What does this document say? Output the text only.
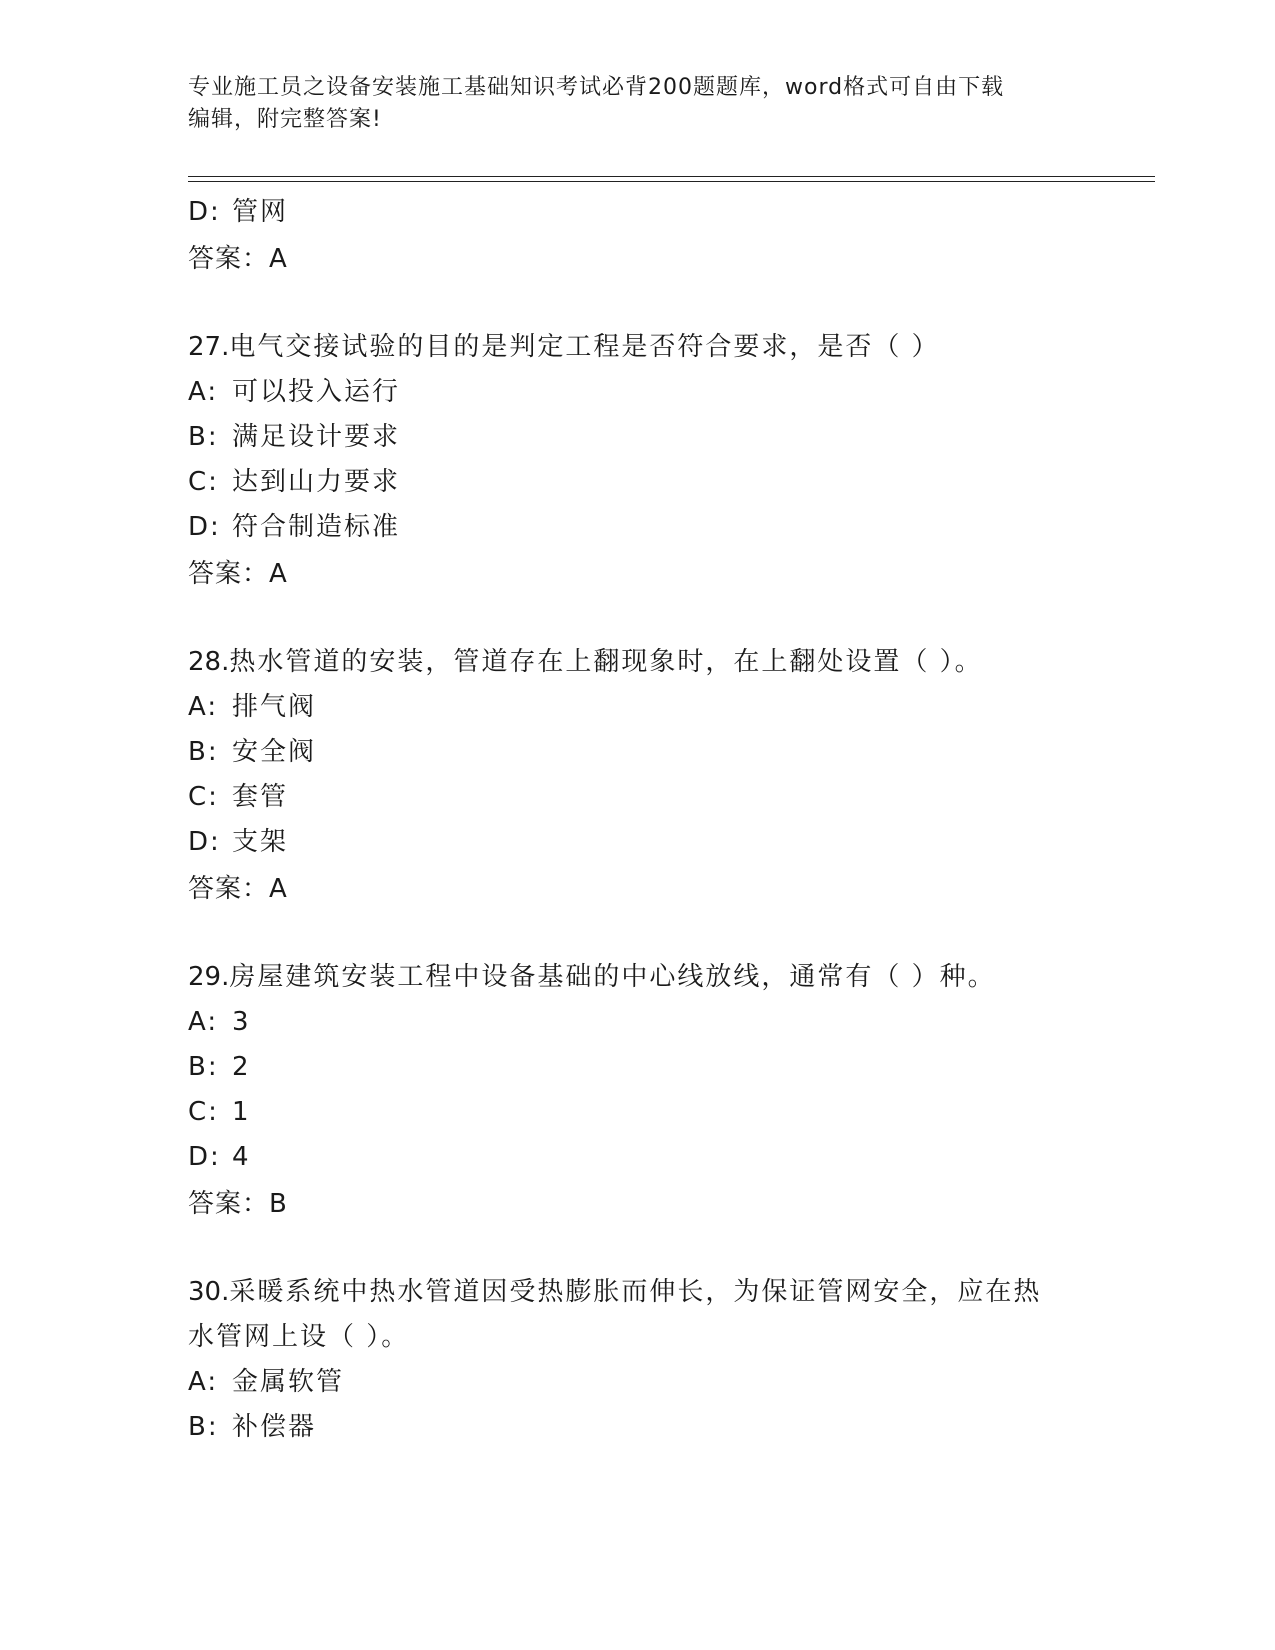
专业施工员之设备安装施工基础知识考试必背200题题库，word格式可自由下载
编辑，附完整答案!
D: 管网
答案：A
27.电气交接试验的目的是判定工程是否符合要求，是否（ ）
A: 可以投入运行
B: 满足设计要求
C: 达到山力要求
D: 符合制造标准
答案：A
28.热水管道的安装，管道存在上翻现象时，在上翻处设置（ ）。
A: 排气阀
B: 安全阀
C: 套管
D: 支架
答案：A
29.房屋建筑安装工程中设备基础的中心线放线，通常有（ ）种。
A: 3
B: 2
C: 1
D: 4
答案：B
30.采暖系统中热水管道因受热膨胀而伸长，为保证管网安全，应在热
水管网上设（ ）。
A: 金属软管
B: 补偿器
